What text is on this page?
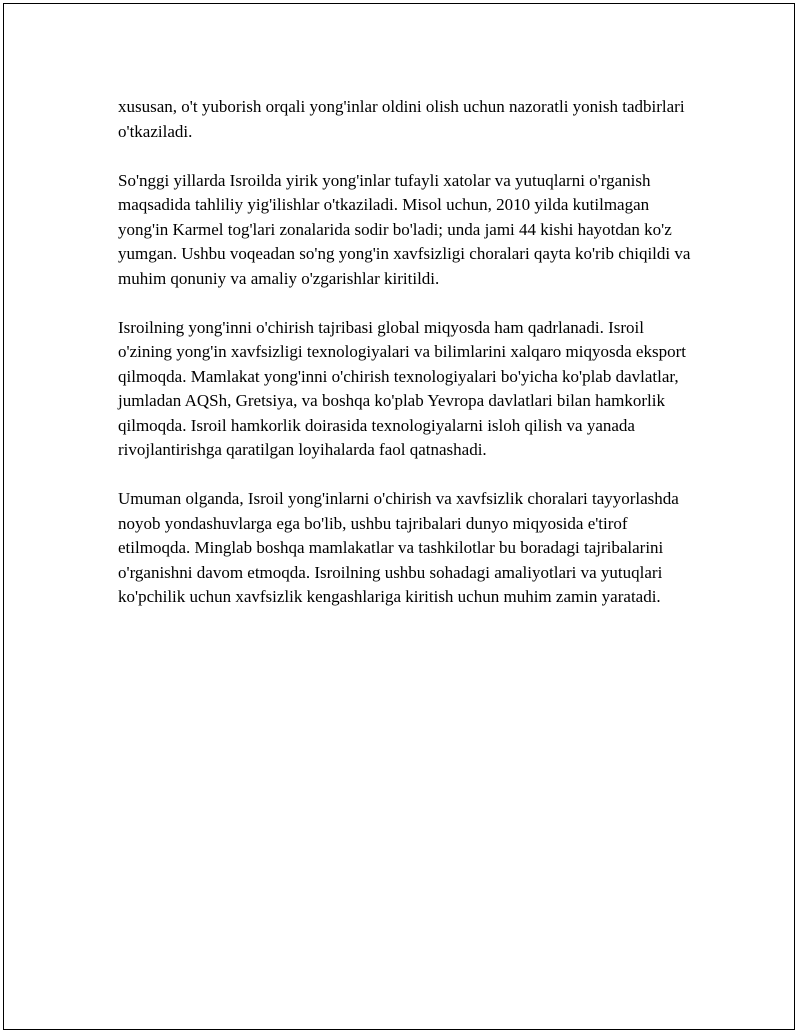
xususan, o't yuborish orqali yong'inlar oldini olish uchun nazoratli yonish tadbirlari o'tkaziladi.

So'nggi yillarda Isroilda yirik yong'inlar tufayli xatolar va yutuqlarni o'rganish maqsadida tahliliy yig'ilishlar o'tkaziladi. Misol uchun, 2010 yilda kutilmagan yong'in Karmel tog'lari zonalarida sodir bo'ladi; unda jami 44 kishi hayotdan ko'z yumgan. Ushbu voqeadan so'ng yong'in xavfsizligi choralari qayta ko'rib chiqildi va muhim qonuniy va amaliy o'zgarishlar kiritildi.

Isroilning yong'inni o'chirish tajribasi global miqyosda ham qadrlanadi. Isroil o'zining yong'in xavfsizligi texnologiyalari va bilimlarini xalqaro miqyosda eksport qilmoqda. Mamlakat yong'inni o'chirish texnologiyalari bo'yicha ko'plab davlatlar, jumladan AQSh, Gretsiya, va boshqa ko'plab Yevropa davlatlari bilan hamkorlik qilmoqda. Isroil hamkorlik doirasida texnologiyalarni isloh qilish va yanada rivojlantirishga qaratilgan loyihalarda faol qatnashadi.

Umuman olganda, Isroil yong'inlarni o'chirish va xavfsizlik choralari tayyorlashda noyob yondashuvlarga ega bo'lib, ushbu tajribalari dunyo miqyosida e'tirof etilmoqda. Minglab boshqa mamlakatlar va tashkilotlar bu boradagi tajribalarini o'rganishni davom etmoqda. Isroilning ushbu sohadagi amaliyotlari va yutuqlari ko'pchilik uchun xavfsizlik kengashlariga kiritish uchun muhim zamin yaratadi.
